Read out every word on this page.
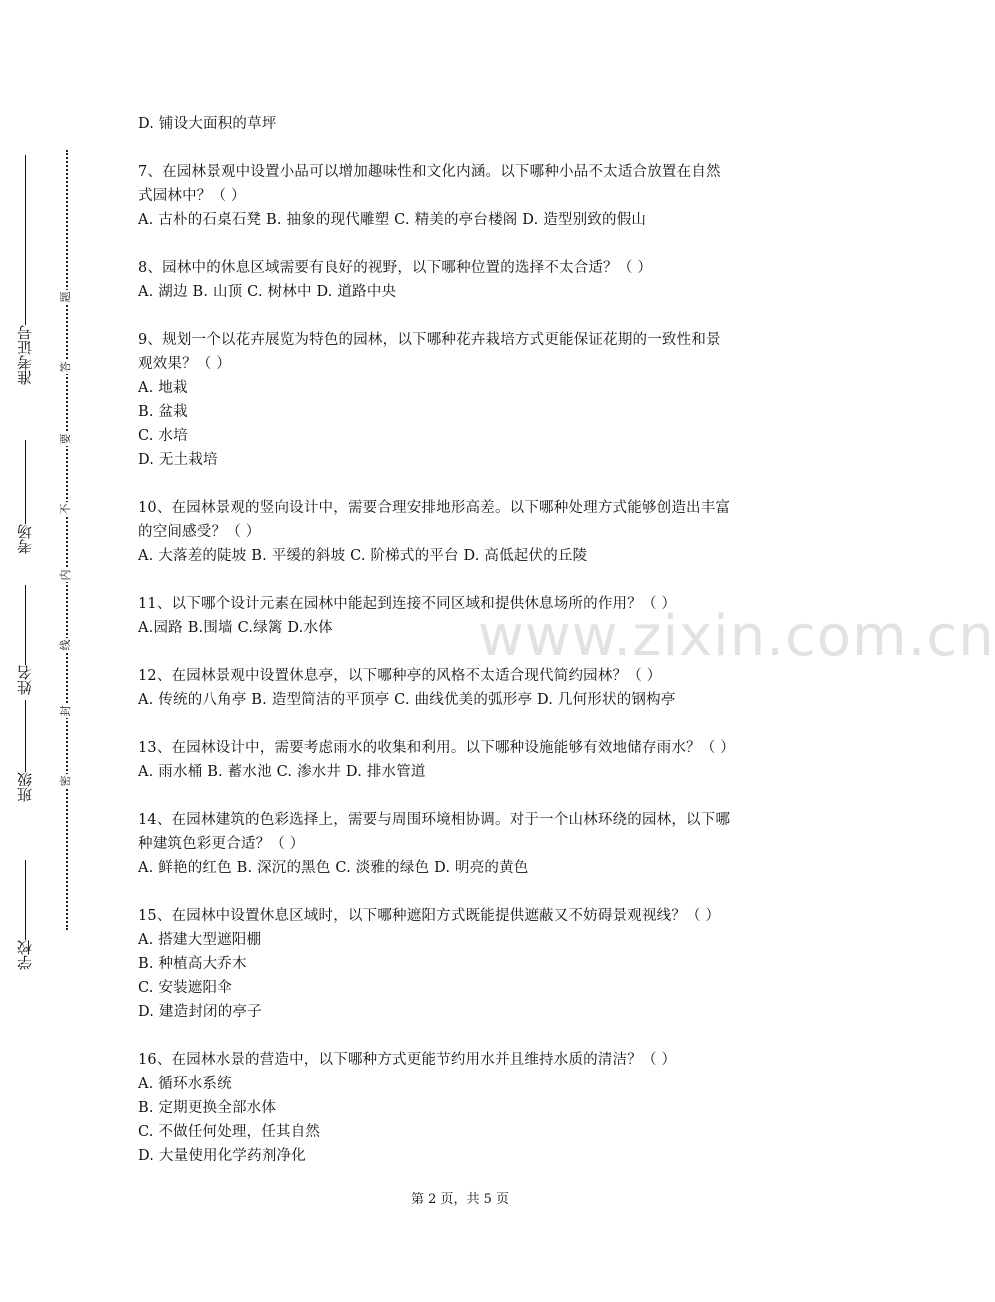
学校
班级
姓名
考场
准考证号
密
封
线
内
不
要
答
题
D. 铺设大面积的草坪
7、在园林景观中设置小品可以增加趣味性和文化内涵。以下哪种小品不太适合放置在自然
式园林中？（ ）
A. 古朴的石桌石凳 B. 抽象的现代雕塑 C. 精美的亭台楼阁 D. 造型别致的假山
8、园林中的休息区域需要有良好的视野，以下哪种位置的选择不太合适？（ ）
A. 湖边 B. 山顶 C. 树林中 D. 道路中央
9、规划一个以花卉展览为特色的园林，以下哪种花卉栽培方式更能保证花期的一致性和景
观效果？（ ）
A. 地栽
B. 盆栽
C. 水培
D. 无土栽培
10、在园林景观的竖向设计中，需要合理安排地形高差。以下哪种处理方式能够创造出丰富
的空间感受？（ ）
A. 大落差的陡坡 B. 平缓的斜坡 C. 阶梯式的平台 D. 高低起伏的丘陵
11、以下哪个设计元素在园林中能起到连接不同区域和提供休息场所的作用？（ ）
A.园路 B.围墙 C.绿篱 D.水体
12、在园林景观中设置休息亭，以下哪种亭的风格不太适合现代简约园林？（ ）
A. 传统的八角亭 B. 造型简洁的平顶亭 C. 曲线优美的弧形亭 D. 几何形状的钢构亭
13、在园林设计中，需要考虑雨水的收集和利用。以下哪种设施能够有效地储存雨水？（ ）
A. 雨水桶 B. 蓄水池 C. 渗水井 D. 排水管道
14、在园林建筑的色彩选择上，需要与周围环境相协调。对于一个山林环绕的园林，以下哪
种建筑色彩更合适？（ ）
A. 鲜艳的红色 B. 深沉的黑色 C. 淡雅的绿色 D. 明亮的黄色
15、在园林中设置休息区域时，以下哪种遮阳方式既能提供遮蔽又不妨碍景观视线？（ ）
A. 搭建大型遮阳棚
B. 种植高大乔木
C. 安装遮阳伞
D. 建造封闭的亭子
16、在园林水景的营造中，以下哪种方式更能节约用水并且维持水质的清洁？（ ）
A. 循环水系统
B. 定期更换全部水体
C. 不做任何处理，任其自然
D. 大量使用化学药剂净化
www.zixin.com.cn
第 2 页，共 5 页
